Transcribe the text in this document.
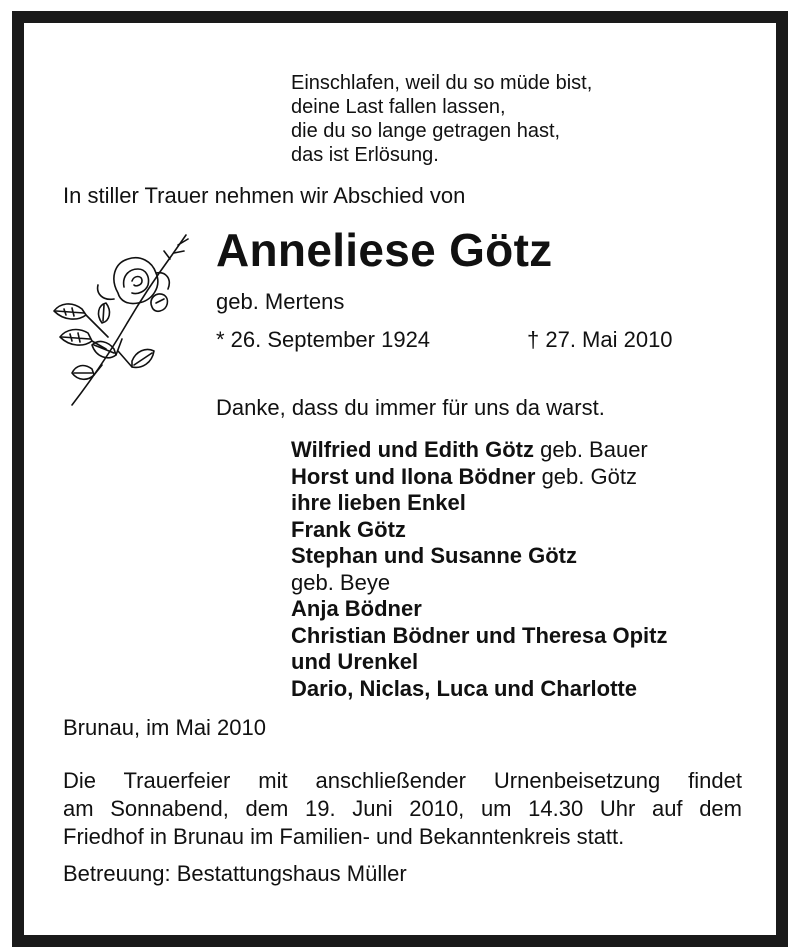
Einschlafen, weil du so müde bist,
deine Last fallen lassen,
die du so lange getragen hast,
das ist Erlösung.
In stiller Trauer nehmen wir Abschied von
Anneliese Götz
geb. Mertens
* 26. September 1924	† 27. Mai 2010
Danke, dass du immer für uns da warst.
Wilfried und Edith Götz geb. Bauer
Horst und Ilona Bödner geb. Götz
ihre lieben Enkel
Frank Götz
Stephan und Susanne Götz
geb. Beye
Anja Bödner
Christian Bödner und Theresa Opitz
und Urenkel
Dario, Niclas, Luca und Charlotte
Brunau, im Mai 2010
Die Trauerfeier mit anschließender Urnenbeisetzung findet
am Sonnabend, dem 19. Juni 2010, um 14.30 Uhr auf dem
Friedhof in Brunau im Familien- und Bekanntenkreis statt.
Betreuung: Bestattungshaus Müller
